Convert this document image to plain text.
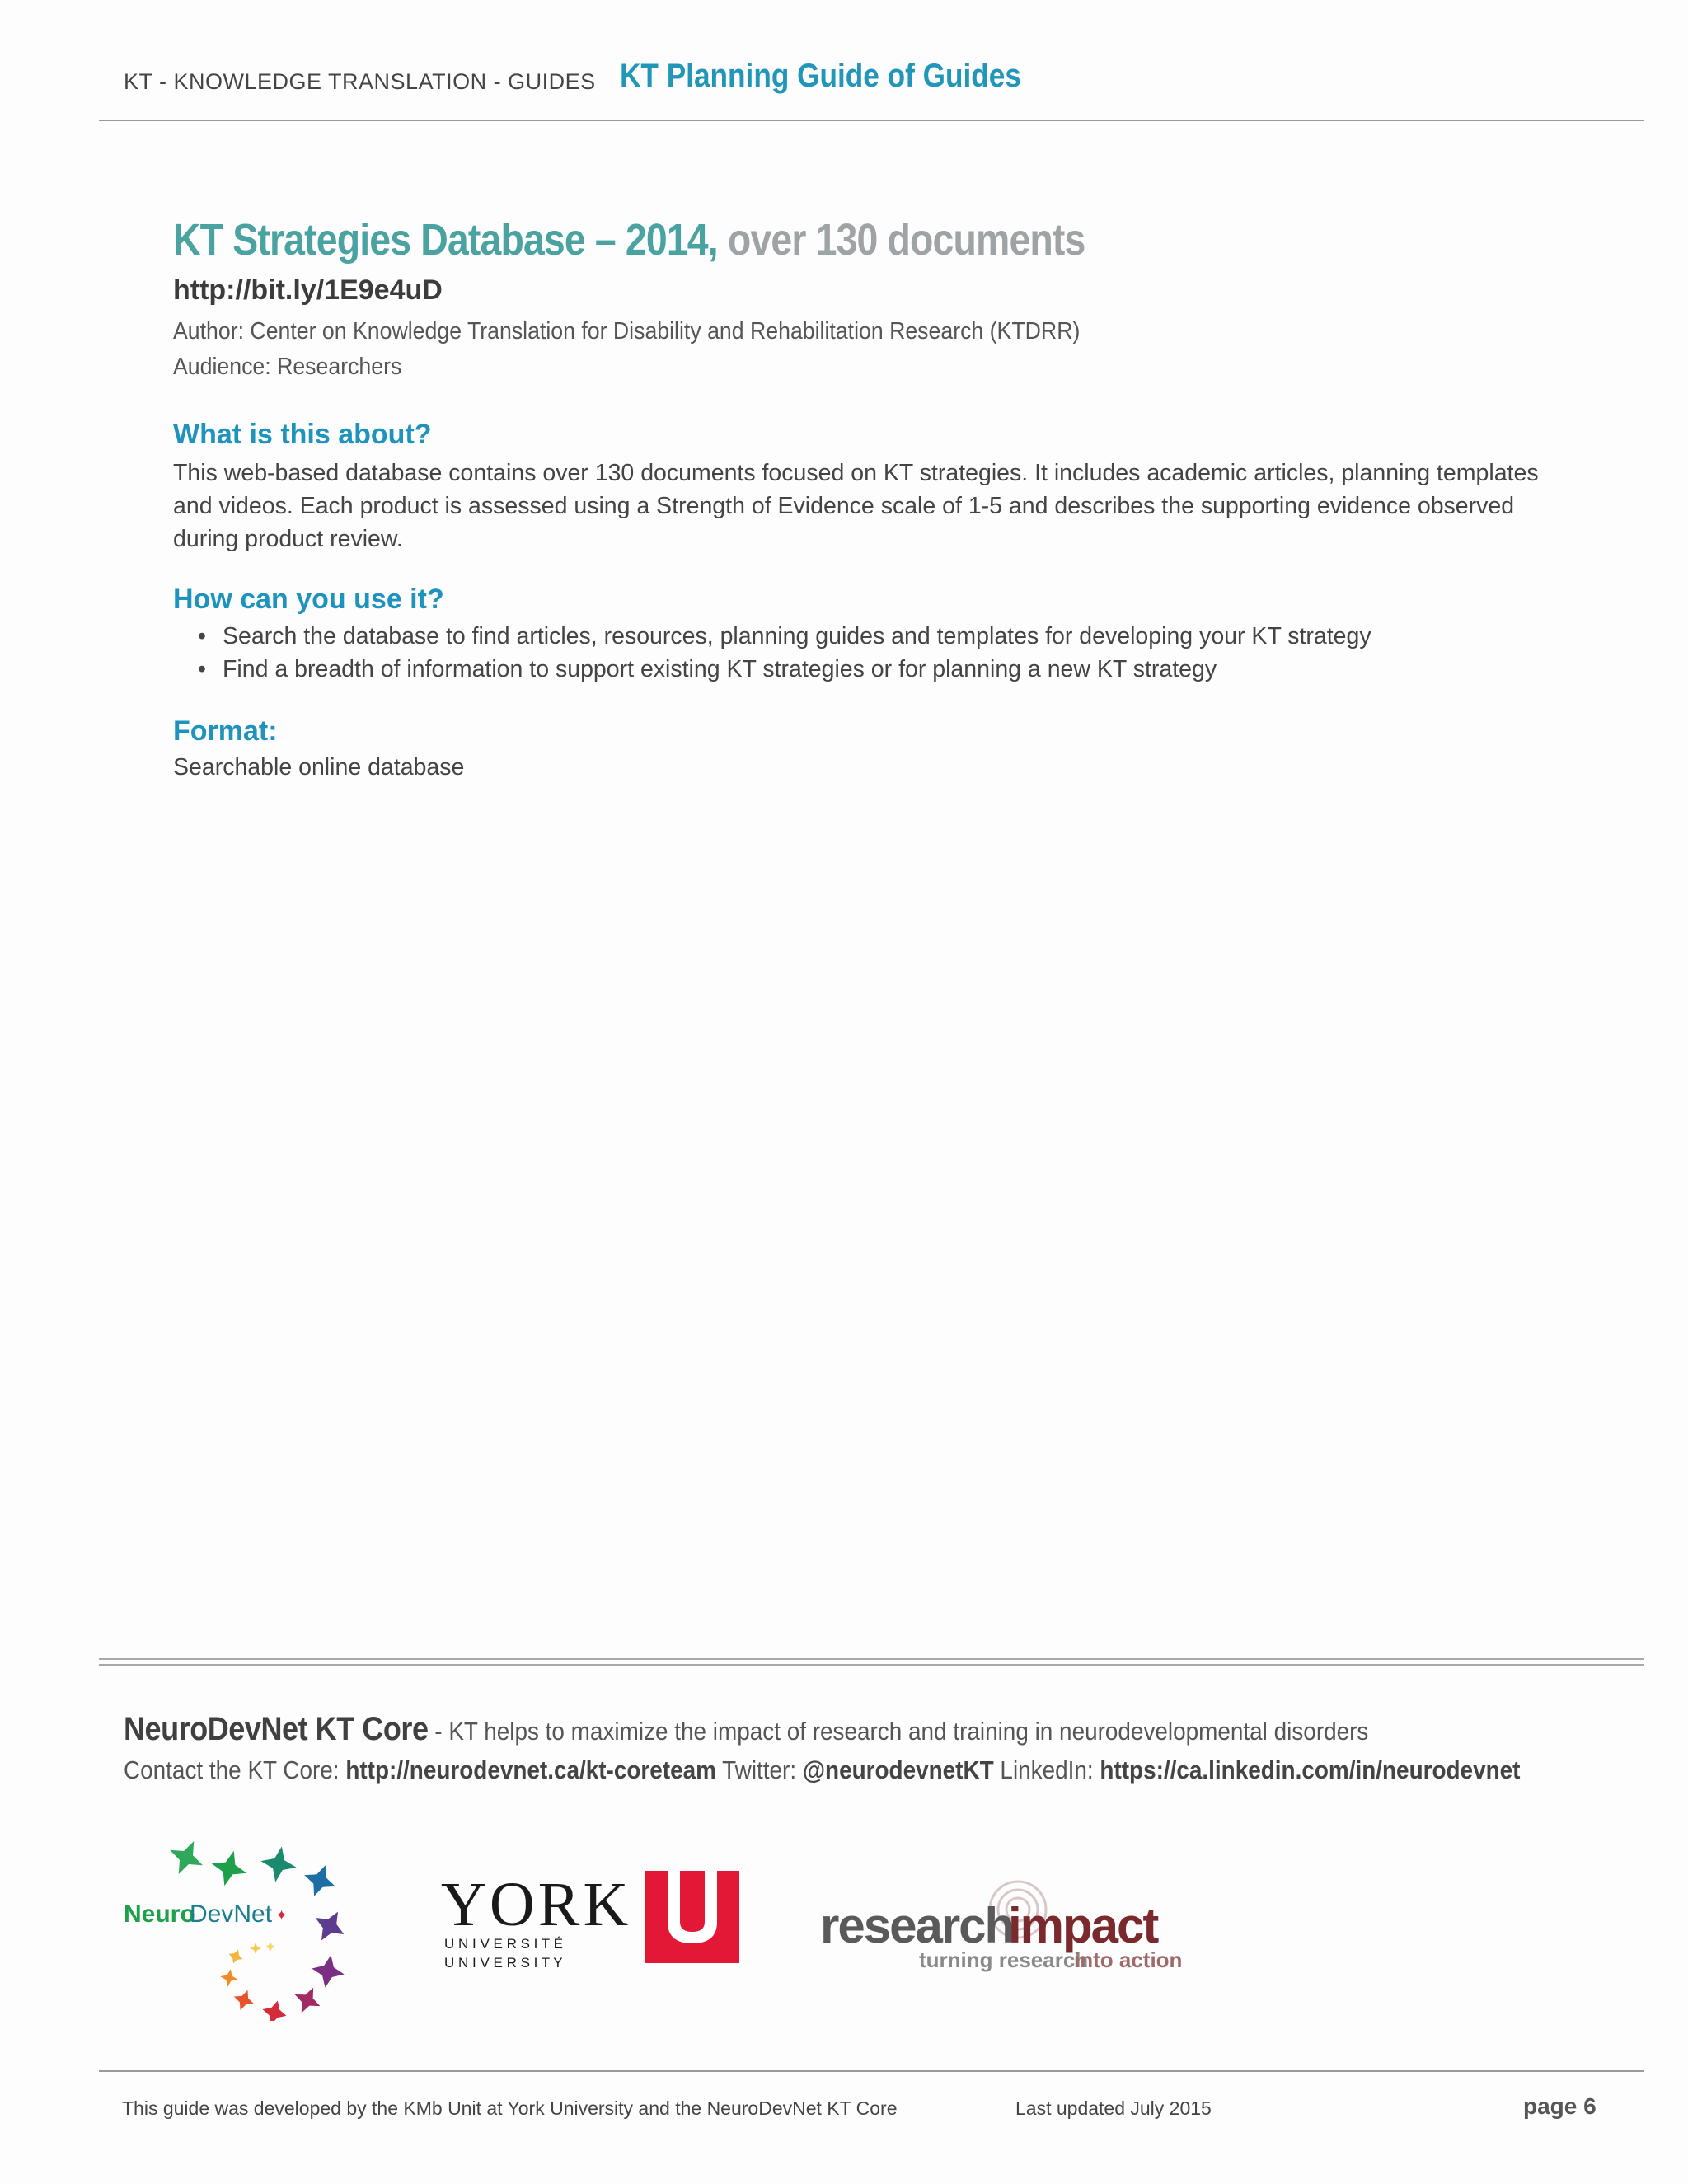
KT - KNOWLEDGE TRANSLATION - GUIDES KT Planning Guide of Guides
KT Strategies Database – 2014, over 130 documents
http://bit.ly/1E9e4uD
Author: Center on Knowledge Translation for Disability and Rehabilitation Research (KTDRR)
Audience: Researchers
What is this about?
This web-based database contains over 130 documents focused on KT strategies. It includes academic articles, planning templates and videos. Each product is assessed using a Strength of Evidence scale of 1-5 and describes the supporting evidence observed during product review.
How can you use it?
• Search the database to find articles, resources, planning guides and templates for developing your KT strategy
• Find a breadth of information to support existing KT strategies or for planning a new KT strategy
Format:
Searchable online database
NeuroDevNet KT Core - KT helps to maximize the impact of research and training in neurodevelopmental disorders
Contact the KT Core: http://neurodevnet.ca/kt-coreteam Twitter: @neurodevnetKT LinkedIn: https://ca.linkedin.com/in/neurodevnet
Neuro
DevNet ✦ YORK
U N I V E R S I T É
U N I V E R S I T Y
research
impact
turning research
into action
This guide was developed by the KMb Unit at York University and the NeuroDevNet KT Core	Last updated July 2015	page 6
